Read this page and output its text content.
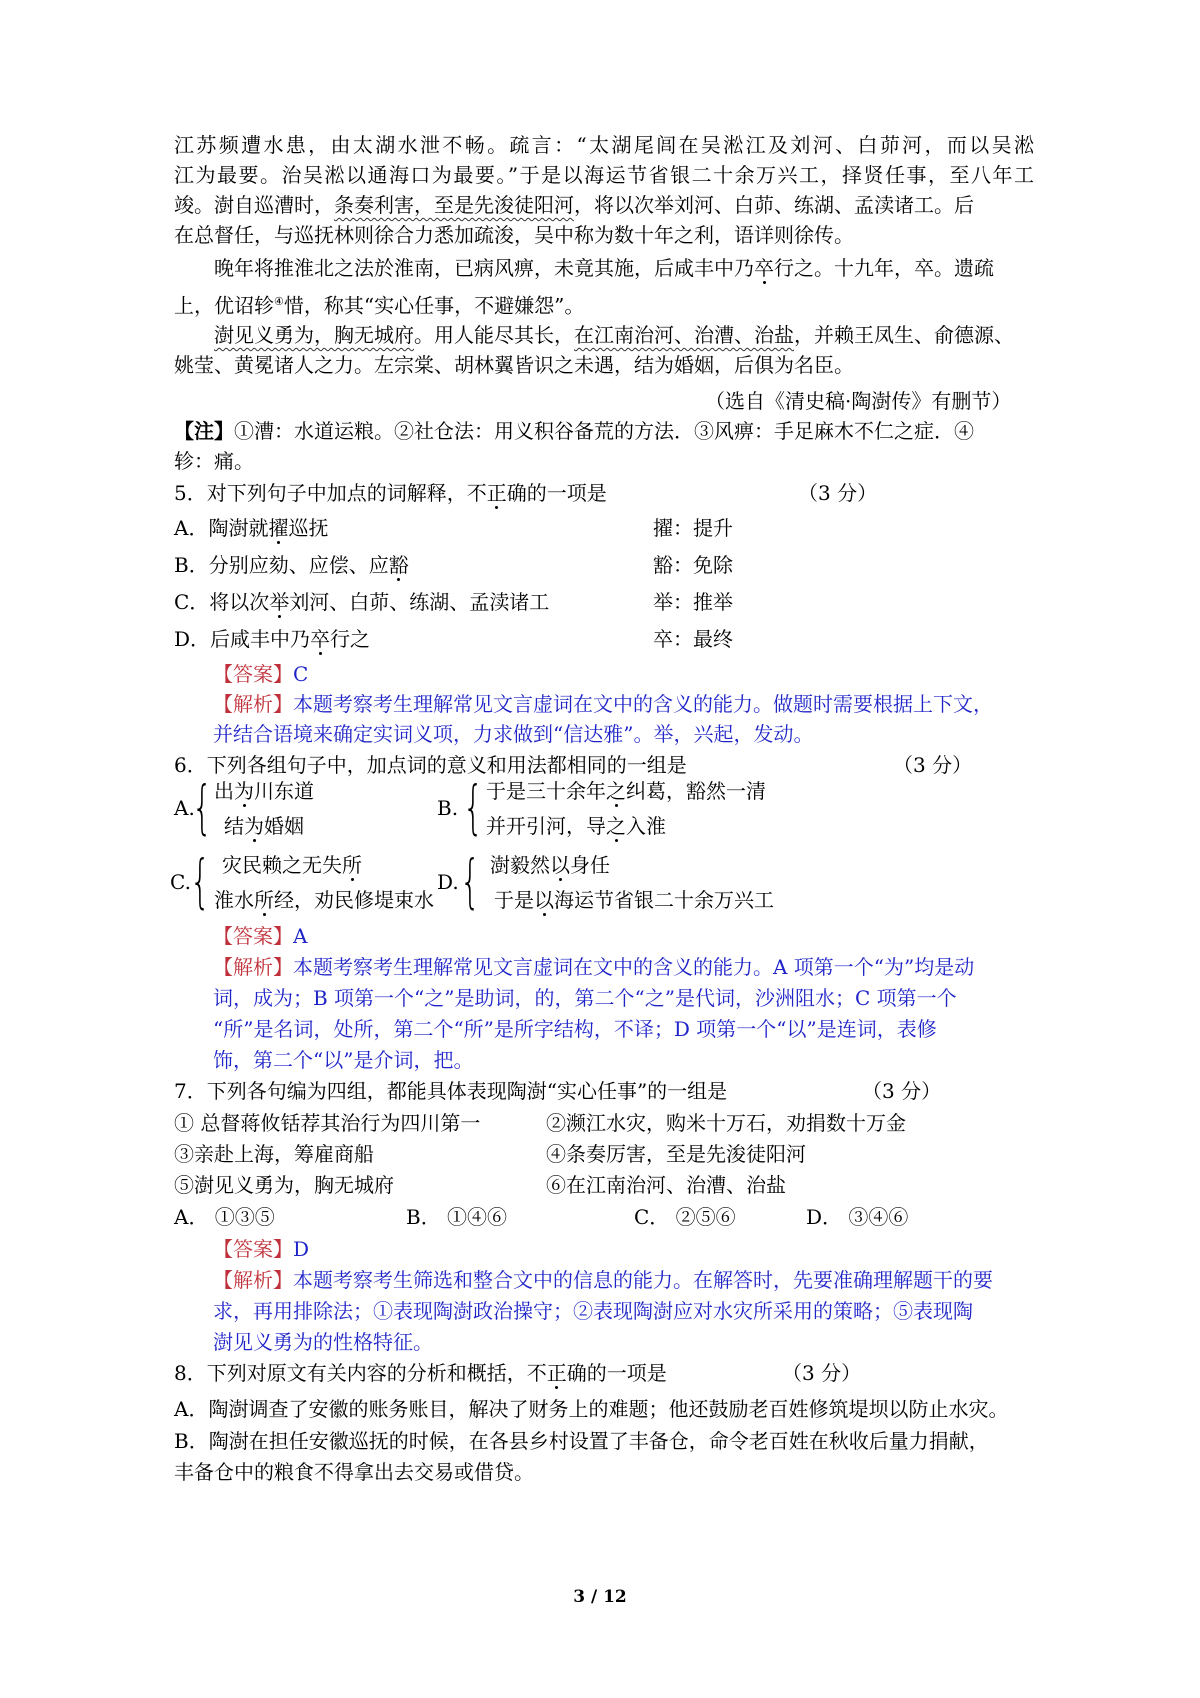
江苏频遭水患，由太湖水泄不畅。疏言：“太湖尾闾在吴淞江及刘河、白茆河，而以吴淞
江为最要。治吴淞以通海口为最要。”于是以海运节省银二十余万兴工，择贤任事，至八年工
竣。澍自巡漕时，条奏利害，至是先浚徒阳河，将以次举刘河、白茆、练湖、孟渎诸工。后
在总督任，与巡抚林则徐合力悉加疏浚，吴中称为数十年之利，语详则徐传。
晚年将推淮北之法於淮南，已病风痹，未竟其施，后咸丰中乃卒行之。十九年，卒。遗疏
上，优诏轸④惜，称其“实心任事，不避嫌怨”。
澍见义勇为，胸无城府。用人能尽其长，在江南治河、治漕、治盐，并赖王凤生、俞德源、
姚莹、黄冕诸人之力。左宗棠、胡林翼皆识之未遇，结为婚姻，后俱为名臣。
（选自《清史稿·陶澍传》有删节）
【注】①漕：水道运粮。②社仓法：用义积谷备荒的方法．③风痹：手足麻木不仁之症．④
轸：痛。
5．对下列句子中加点的词解释，不正确的一项是	（3 分）
A．陶澍就擢巡抚	擢：提升
B．分别应劾、应偿、应豁	豁：免除
C．将以次举刘河、白茆、练湖、孟渎诸工	举：推举
D．后咸丰中乃卒行之	卒：最终
【答案】C
【解析】本题考察考生理解常见文言虚词在文中的含义的能力。做题时需要根据上下文，
并结合语境来确定实词义项，力求做到“信达雅”。举，兴起，发动。
6．下列各组句子中，加点词的意义和用法都相同的一组是	（3 分）
A.
{ 出为川东道
结为婚姻
B. { 于是三十余年之纠葛，豁然一清
并开引河，导之入淮
C. { 灾民赖之无失所
淮水所经，劝民修堤束水
D. { 澍毅然以身任
于是以海运节省银二十余万兴工
【答案】A
【解析】本题考察考生理解常见文言虚词在文中的含义的能力。A 项第一个“为”均是动
词，成为；B 项第一个“之”是助词，的，第二个“之”是代词，沙洲阻水；C 项第一个
“所”是名词，处所，第二个“所”是所字结构，不译；D 项第一个“以”是连词，表修
饰，第二个“以”是介词，把。
7．下列各句编为四组，都能具体表现陶澍“实心任事”的一组是	（3 分）
① 总督蒋攸铦荐其治行为四川第一	②濒江水灾，购米十万石，劝捐数十万金
③亲赴上海，筹雇商船	④条奏厉害，至是先浚徒阳河
⑤澍见义勇为，胸无城府	⑥在江南治河、治漕、治盐
A． ①③⑤	B． ①④⑥	C． ②⑤⑥	D． ③④⑥
【答案】D
【解析】本题考察考生筛选和整合文中的信息的能力。在解答时，先要准确理解题干的要
求，再用排除法；①表现陶澍政治操守；②表现陶澍应对水灾所采用的策略；⑤表现陶
澍见义勇为的性格特征。
8．下列对原文有关内容的分析和概括，不正确的一项是	（3 分）
A．陶澍调查了安徽的账务账目，解决了财务上的难题；他还鼓励老百姓修筑堤坝以防止水灾。
B．陶澍在担任安徽巡抚的时候，在各县乡村设置了丰备仓，命令老百姓在秋收后量力捐献，
丰备仓中的粮食不得拿出去交易或借贷。
3 / 12
